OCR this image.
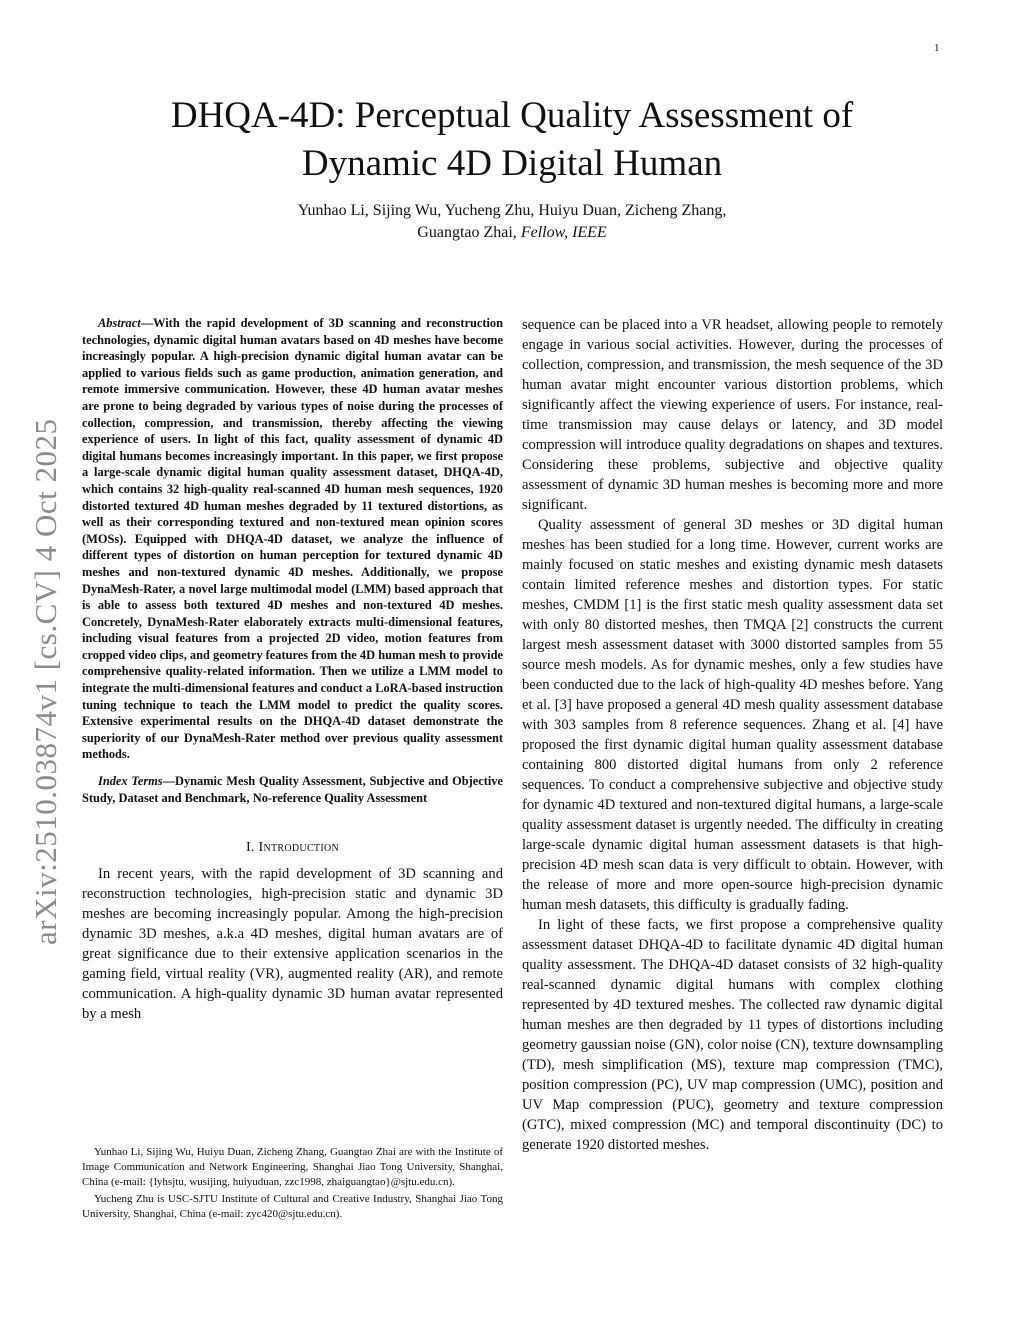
1
arXiv:2510.03874v1 [cs.CV] 4 Oct 2025
DHQA-4D: Perceptual Quality Assessment of
Dynamic 4D Digital Human
Yunhao Li, Sijing Wu, Yucheng Zhu, Huiyu Duan, Zicheng Zhang,
Guangtao Zhai, Fellow, IEEE

Abstract—With the rapid development of 3D scanning and reconstruction technologies, dynamic digital human avatars based on 4D meshes have become increasingly popular. A high-precision dynamic digital human avatar can be applied to various fields such as game production, animation generation, and remote immersive communication. However, these 4D human avatar meshes are prone to being degraded by various types of noise during the processes of collection, compression, and transmission, thereby affecting the viewing experience of users. In light of this fact, quality assessment of dynamic 4D digital humans becomes increasingly important. In this paper, we first propose a large-scale dynamic digital human quality assessment dataset, DHQA-4D, which contains 32 high-quality real-scanned 4D human mesh sequences, 1920 distorted textured 4D human meshes degraded by 11 textured distortions, as well as their corresponding textured and non-textured mean opinion scores (MOSs). Equipped with DHQA-4D dataset, we analyze the influence of different types of distortion on human perception for textured dynamic 4D meshes and non-textured dynamic 4D meshes. Additionally, we propose DynaMesh-Rater, a novel large multimodal model (LMM) based approach that is able to assess both textured 4D meshes and non-textured 4D meshes. Concretely, DynaMesh-Rater elaborately extracts multi-dimensional features, including visual features from a projected 2D video, motion features from cropped video clips, and geometry features from the 4D human mesh to provide comprehensive quality-related information. Then we utilize a LMM model to integrate the multi-dimensional features and conduct a LoRA-based instruction tuning technique to teach the LMM model to predict the quality scores. Extensive experimental results on the DHQA-4D dataset demonstrate the superiority of our DynaMesh-Rater method over previous quality assessment methods.

Index Terms—Dynamic Mesh Quality Assessment, Subjective and Objective Study, Dataset and Benchmark, No-reference Quality Assessment

I. Introduction

In recent years, with the rapid development of 3D scanning and reconstruction technologies, high-precision static and dynamic 3D meshes are becoming increasingly popular. Among the high-precision dynamic 3D meshes, a.k.a 4D meshes, digital human avatars are of great significance due to their extensive application scenarios in the gaming field, virtual reality (VR), augmented reality (AR), and remote communication. A high-quality dynamic 3D human avatar represented by a mesh

Yunhao Li, Sijing Wu, Huiyu Duan, Zicheng Zhang, Guangtao Zhai are with the Institute of Image Communication and Network Engineering, Shanghai Jiao Tong University, Shanghai, China (e-mail: {lyhsjtu, wusijing, huiyuduan, zzc1998, zhaiguangtao}@sjtu.edu.cn).

Yucheng Zhu is USC-SJTU Institute of Cultural and Creative Industry, Shanghai Jiao Tong University, Shanghai, China (e-mail: zyc420@sjtu.edu.cn).

sequence can be placed into a VR headset, allowing people to remotely engage in various social activities. However, during the processes of collection, compression, and transmission, the mesh sequence of the 3D human avatar might encounter various distortion problems, which significantly affect the viewing experience of users. For instance, real-time transmission may cause delays or latency, and 3D model compression will introduce quality degradations on shapes and textures. Considering these problems, subjective and objective quality assessment of dynamic 3D human meshes is becoming more and more significant.

Quality assessment of general 3D meshes or 3D digital human meshes has been studied for a long time. However, current works are mainly focused on static meshes and existing dynamic mesh datasets contain limited reference meshes and distortion types. For static meshes, CMDM [1] is the first static mesh quality assessment data set with only 80 distorted meshes, then TMQA [2] constructs the current largest mesh assessment dataset with 3000 distorted samples from 55 source mesh models. As for dynamic meshes, only a few studies have been conducted due to the lack of high-quality 4D meshes before. Yang et al. [3] have proposed a general 4D mesh quality assessment database with 303 samples from 8 reference sequences. Zhang et al. [4] have proposed the first dynamic digital human quality assessment database containing 800 distorted digital humans from only 2 reference sequences. To conduct a comprehensive subjective and objective study for dynamic 4D textured and non-textured digital humans, a large-scale quality assessment dataset is urgently needed. The difficulty in creating large-scale dynamic digital human assessment datasets is that high-precision 4D mesh scan data is very difficult to obtain. However, with the release of more and more open-source high-precision dynamic human mesh datasets, this difficulty is gradually fading.

In light of these facts, we first propose a comprehensive quality assessment dataset DHQA-4D to facilitate dynamic 4D digital human quality assessment. The DHQA-4D dataset consists of 32 high-quality real-scanned dynamic digital humans with complex clothing represented by 4D textured meshes. The collected raw dynamic digital human meshes are then degraded by 11 types of distortions including geometry gaussian noise (GN), color noise (CN), texture downsampling (TD), mesh simplification (MS), texture map compression (TMC), position compression (PC), UV map compression (UMC), position and UV Map compression (PUC), geometry and texture compression (GTC), mixed compression (MC) and temporal discontinuity (DC) to generate 1920 distorted meshes.
